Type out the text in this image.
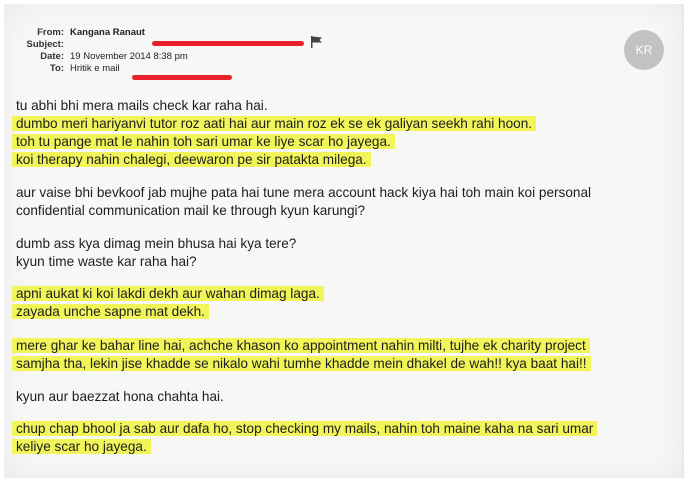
From: Kangana Ranaut
Subject:
Date: 19 November 2014 8:38 pm
To: Hritik e mail
KR
tu abhi bhi mera mails check kar raha hai.
dumbo meri hariyanvi tutor roz aati hai aur main roz ek se ek galiyan seekh rahi hoon.
toh tu pange mat le nahin toh sari umar ke liye scar ho jayega.
koi therapy nahin chalegi, deewaron pe sir patakta milega.
aur vaise bhi bevkoof jab mujhe pata hai tune mera account hack kiya hai toh main koi personal
confidential communication mail ke through kyun karungi?
dumb ass kya dimag mein bhusa hai kya tere?
kyun time waste kar raha hai?
apni aukat ki koi lakdi dekh aur wahan dimag laga.
zayada unche sapne mat dekh.
mere ghar ke bahar line hai, achche khason ko appointment nahin milti, tujhe ek charity project
samjha tha, lekin jise khadde se nikalo wahi tumhe khadde mein dhakel de wah!! kya baat hai!!
kyun aur baezzat hona chahta hai.
chup chap bhool ja sab aur dafa ho, stop checking my mails, nahin toh maine kaha na sari umar
keliye scar ho jayega.
